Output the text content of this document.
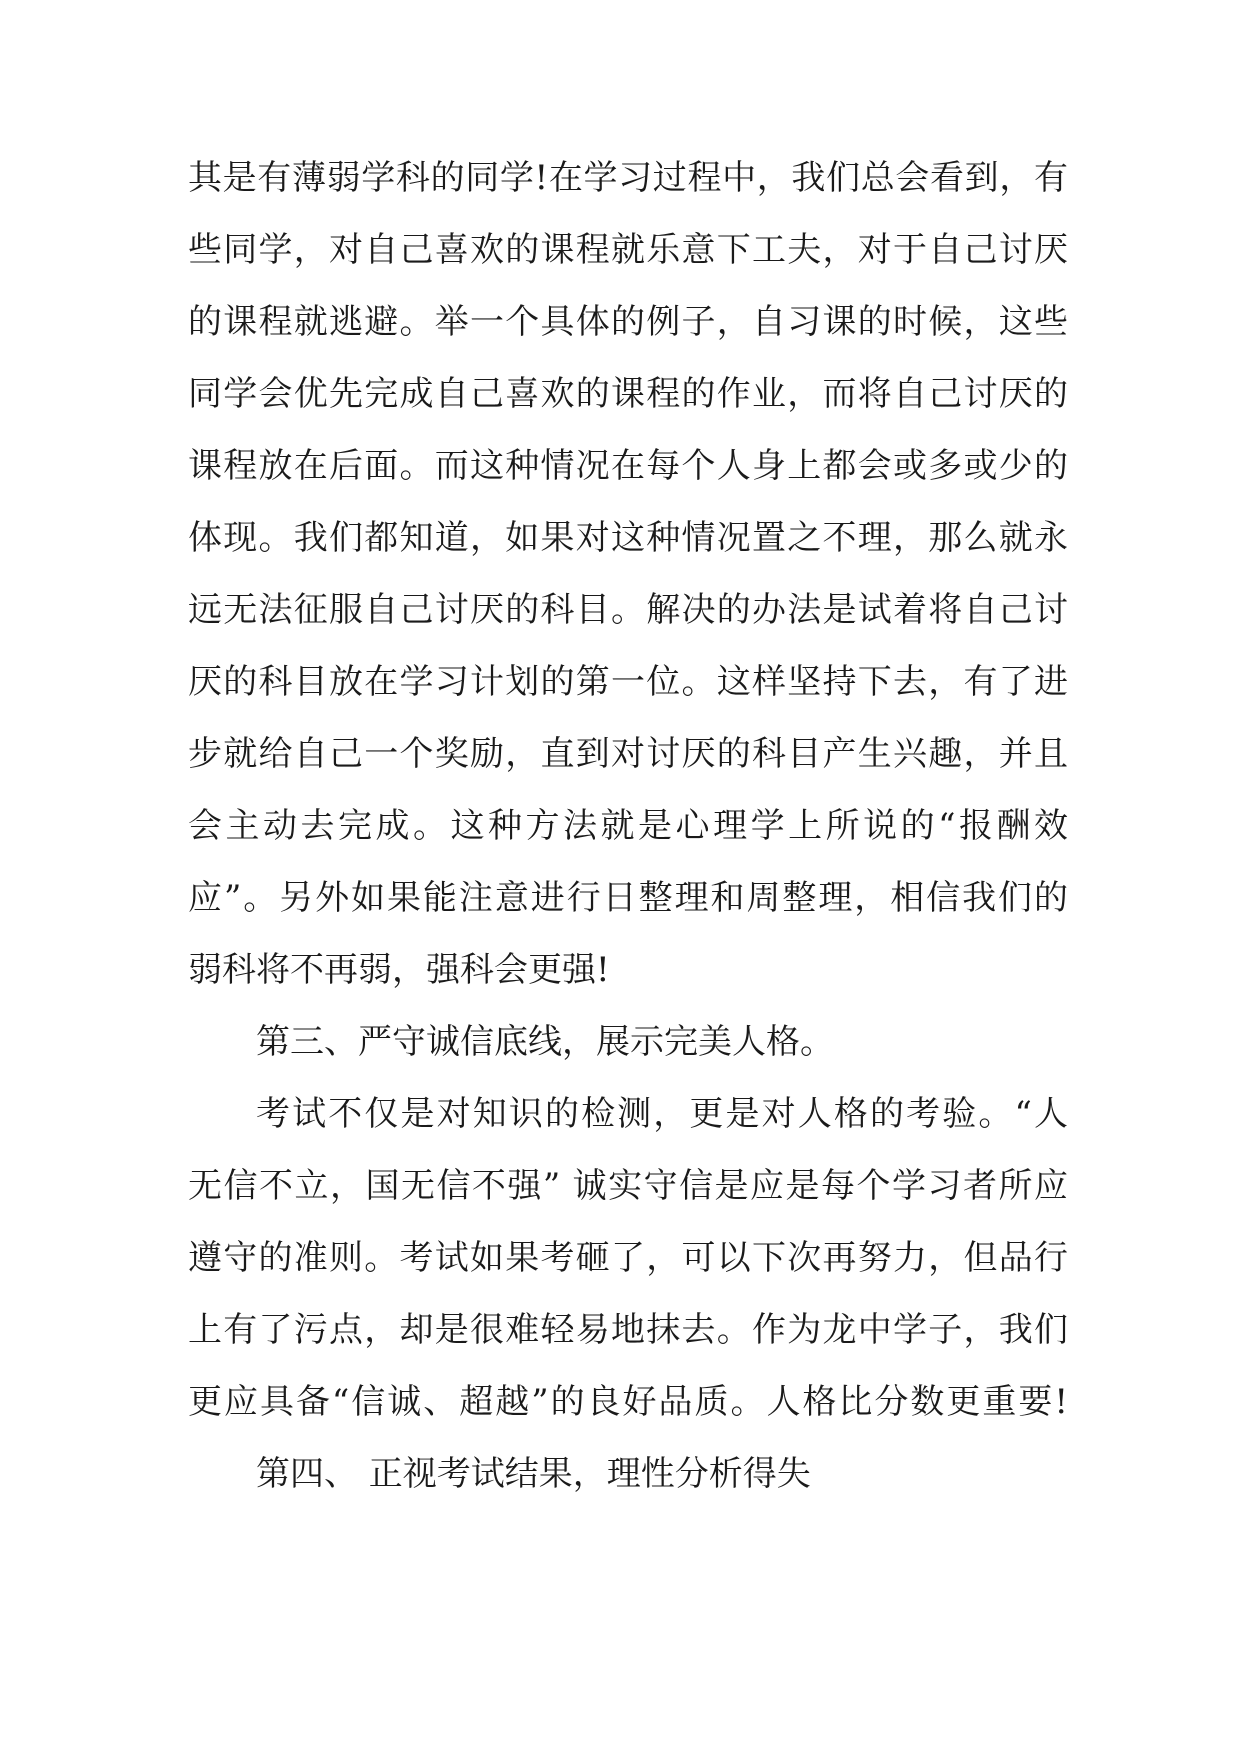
其是有薄弱学科的同学!在学习过程中，我们总会看到，有
些同学，对自己喜欢的课程就乐意下工夫，对于自己讨厌
的课程就逃避。举一个具体的例子，自习课的时候，这些
同学会优先完成自己喜欢的课程的作业，而将自己讨厌的
课程放在后面。而这种情况在每个人身上都会或多或少的
体现。我们都知道，如果对这种情况置之不理，那么就永
远无法征服自己讨厌的科目。解决的办法是试着将自己讨
厌的科目放在学习计划的第一位。这样坚持下去，有了进
步就给自己一个奖励，直到对讨厌的科目产生兴趣，并且
会主动去完成。这种方法就是心理学上所说的“报酬效
应”。另外如果能注意进行日整理和周整理，相信我们的
弱科将不再弱，强科会更强!
第三、严守诚信底线，展示完美人格。
考试不仅是对知识的检测，更是对人格的考验。“人
无信不立，国无信不强” 诚实守信是应是每个学习者所应
遵守的准则。考试如果考砸了，可以下次再努力，但品行
上有了污点，却是很难轻易地抹去。作为龙中学子，我们
更应具备“信诚、超越”的良好品质。人格比分数更重要!
第四、 正视考试结果，理性分析得失
